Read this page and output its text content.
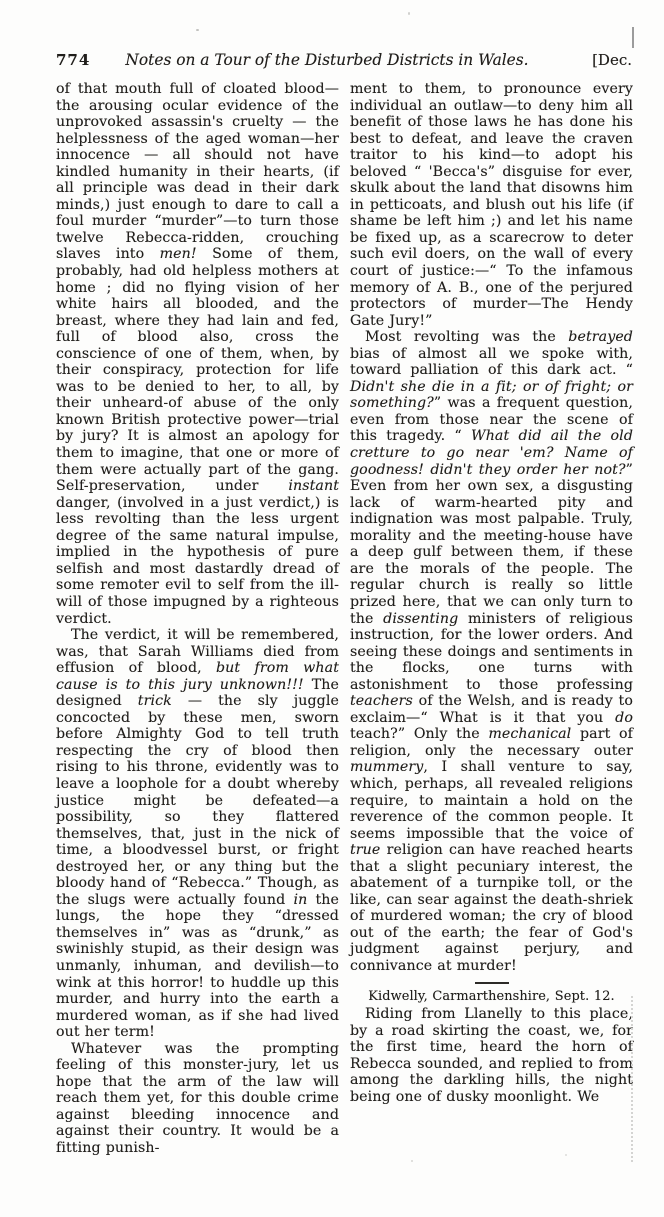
774	Notes on a Tour of the Disturbed Districts in Wales.	[Dec.

of that mouth full of cloated blood—the arousing ocular evidence of the unprovoked assassin's cruelty — the helplessness of the aged woman—her innocence — all should not have kindled humanity in their hearts, (if all principle was dead in their dark minds,) just enough to dare to call a foul murder “murder”—to turn those twelve Rebecca-ridden, crouching slaves into men! Some of them, probably, had old helpless mothers at home ; did no flying vision of her white hairs all blooded, and the breast, where they had lain and fed, full of blood also, cross the conscience of one of them, when, by their conspiracy, protection for life was to be denied to her, to all, by their unheard-of abuse of the only known British protective power—trial by jury? It is almost an apology for them to imagine, that one or more of them were actually part of the gang. Self-preservation, under instant danger, (involved in a just verdict,) is less revolting than the less urgent degree of the same natural impulse, implied in the hypothesis of pure selfish and most dastardly dread of some remoter evil to self from the ill-will of those impugned by a righteous verdict.

The verdict, it will be remembered, was, that Sarah Williams died from effusion of blood, but from what cause is to this jury unknown!!! The designed trick — the sly juggle concocted by these men, sworn before Almighty God to tell truth respecting the cry of blood then rising to his throne, evidently was to leave a loophole for a doubt whereby justice might be defeated—a possibility, so they flattered themselves, that, just in the nick of time, a bloodvessel burst, or fright destroyed her, or any thing but the bloody hand of “Rebecca.” Though, as the slugs were actually found in the lungs, the hope they “dressed themselves in” was as “drunk,” as swinishly stupid, as their design was unmanly, inhuman, and devilish—to wink at this horror! to huddle up this murder, and hurry into the earth a murdered woman, as if she had lived out her term!

Whatever was the prompting feeling of this monster-jury, let us hope that the arm of the law will reach them yet, for this double crime against bleeding innocence and against their country. It would be a fitting punish-

ment to them, to pronounce every individual an outlaw—to deny him all benefit of those laws he has done his best to defeat, and leave the craven traitor to his kind—to adopt his beloved “ 'Becca's” disguise for ever, skulk about the land that disowns him in petticoats, and blush out his life (if shame be left him ;) and let his name be fixed up, as a scarecrow to deter such evil doers, on the wall of every court of justice:—“ To the infamous memory of A. B., one of the perjured protectors of murder—The Hendy Gate Jury!”

Most revolting was the betrayed bias of almost all we spoke with, toward palliation of this dark act. “ Didn't she die in a fit; or of fright; or something?” was a frequent question, even from those near the scene of this tragedy. “ What did ail the old cretture to go near 'em? Name of goodness! didn't they order her not?” Even from her own sex, a disgusting lack of warm-hearted pity and indignation was most palpable. Truly, morality and the meeting-house have a deep gulf between them, if these are the morals of the people. The regular church is really so little prized here, that we can only turn to the dissenting ministers of religious instruction, for the lower orders. And seeing these doings and sentiments in the flocks, one turns with astonishment to those professing teachers of the Welsh, and is ready to exclaim—“ What is it that you do teach?” Only the mechanical part of religion, only the necessary outer mummery, I shall venture to say, which, perhaps, all revealed religions require, to maintain a hold on the reverence of the common people. It seems impossible that the voice of true religion can have reached hearts that a slight pecuniary interest, the abatement of a turnpike toll, or the like, can sear against the death-shriek of murdered woman; the cry of blood out of the earth; the fear of God's judgment against perjury, and connivance at murder!

Kidwelly, Carmarthenshire, Sept. 12.

Riding from Llanelly to this place, by a road skirting the coast, we, for the first time, heard the horn of Rebecca sounded, and replied to from among the darkling hills, the night being one of dusky moonlight. We
